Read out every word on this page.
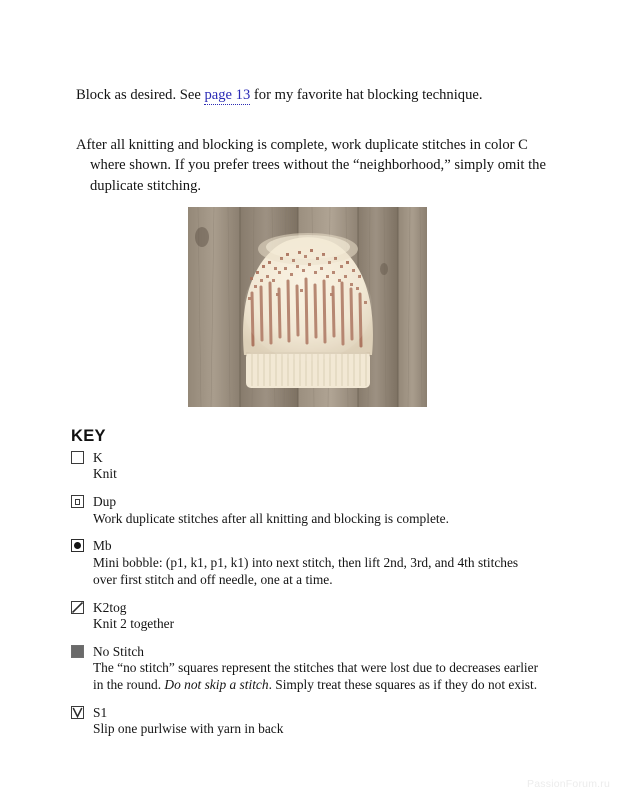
Block as desired. See page 13 for my favorite hat blocking technique.

After all knitting and blocking is complete, work duplicate stitches in color C where shown. If you prefer trees without the “neighborhood,” simply omit the duplicate stitching.

KEY
K
Knit
Dup
Work duplicate stitches after all knitting and blocking is complete.
Mb
Mini bobble: (p1, k1, p1, k1) into next stitch, then lift 2nd, 3rd, and 4th stitches over first stitch and off needle, one at a time.
K2tog
Knit 2 together
No Stitch
The “no stitch” squares represent the stitches that were lost due to decreases earlier in the round. Do not skip a stitch. Simply treat these squares as if they do not exist.
S1
Slip one purlwise with yarn in back
PassionForum.ru
